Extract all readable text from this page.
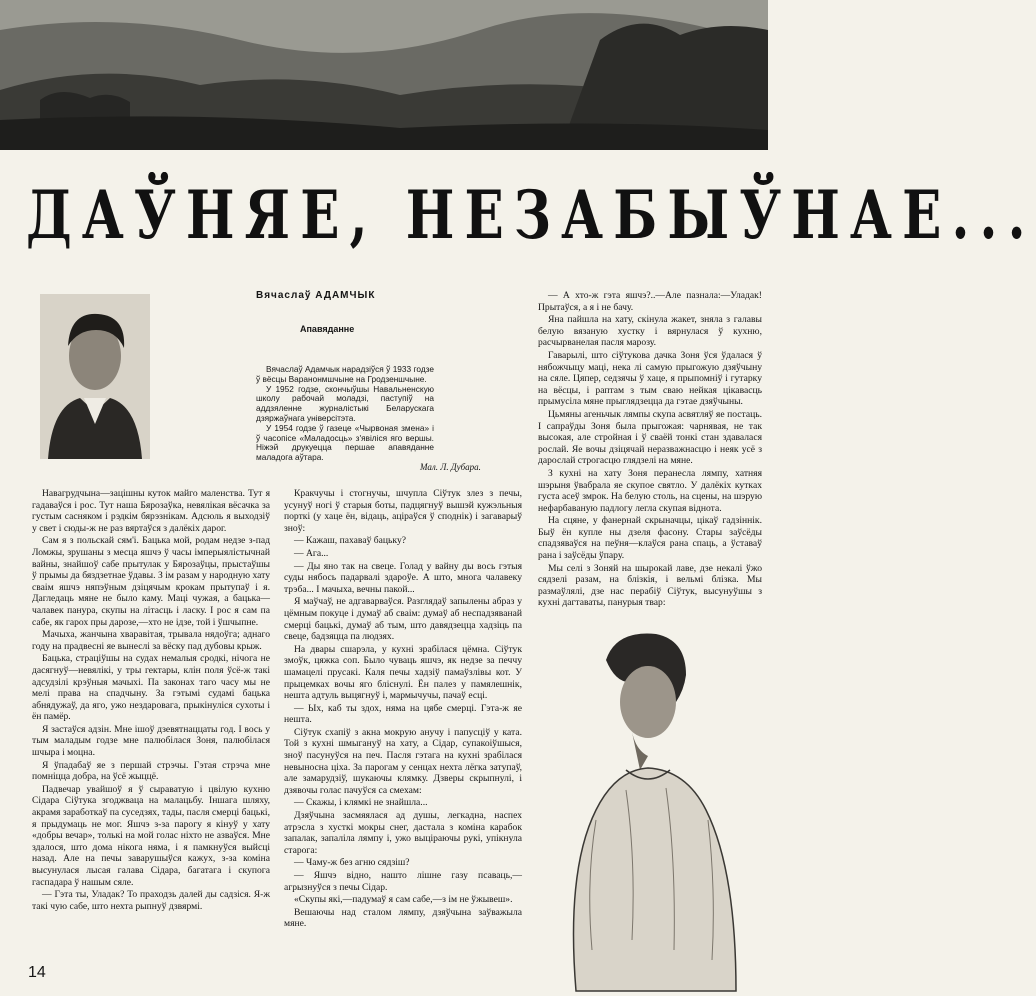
ДАЎНЯЕ, НЕЗАБЫЎНАЕ...
Вячаслаў АДАМЧЫК
Апавяданне

Вячаслаў Адамчык нарадзіўся ў 1933 годзе ў вёсцы Варанонмшчыне на Гродзеншчыне.

У 1952 годзе, скончыўшы Навальненскую школу рабочай моладзі, паступіў на аддзяленне журналістыкі Беларускага дзяржаўнага універсітэта.

У 1954 годзе ў газеце «Чырвоная змена» і ў часопісе «Маладосць» з'явіліся яго вершы. Ніжэй друкуецца першае апавяданне маладога аўтара.

Мал. Л. Дубара.

Навагрудчына—зацішны куток майго маленства. Тут я гадаваўся і рос. Тут наша Бярозаўка, невялікая вёсачка за густым сасняком і рэдкім бярэзнікам. Адсюль я выходзіў у свет і сюды-ж не раз вяртаўся з далёкіх дарог.

Сам я з польскай сям'і. Бацька мой, родам недзе з-пад Ломжы, зрушаны з месца яшчэ ў часы імперыялістычнай вайны, знайшоў сабе прытулак у Бярозаўцы, прыстаўшы ў прымы да бяздзетнае ўдавы. З ім разам у народную хату сваім яшчэ няпэўным дзіцячым крокам прытупаў і я. Дагледаць мяне не было каму. Маці чужая, а бацька—чалавек панура, скупы на літасць і ласку. І рос я сам па сабе, як гарох пры дарозе,—хто не ідзе, той і ўшчыпне.

Мачыха, жанчына хваравітая, трывала нядоўга; аднаго году на прадвесні яе вынеслі за вёску пад дубовы крыж.

Бацька, страціўшы на судах немалыя сродкі, нічога не дасягнуў—невялікі, у тры гектары, клін поля ўсё-ж такі адсудзілі крэўныя мачыхі. Па законах таго часу мы не мелі права на спадчыну. За гэтымі судамі бацька абнядужаў, да яго, ужо нездаровага, прыкінуліся сухоты і ён памёр.

Я застаўся адзін. Мне ішоў дзевятнаццаты год. І вось у тым маладым годзе мне палюбілася Зоня, палюбілася шчыра і моцна.

Я ўпадабаў яе з першай стрэчы. Гэтая стрэча мне помніцца добра, на ўсё жыццё.

Падвечар увайшоў я ў сыраватую і цвілую кухню Сідара Сіўтука згоджваца на малацьбу. Іншага шляху, акрамя заработкаў па суседзях, тады, пасля смерці бацькі, я прыдумаць не мог. Яшчэ з-за парогу я кінуў у хату «добры вечар», толькі на мой голас ніхто не азваўся. Мне здалося, што дома нікога няма, і я памкнуўся выйсці назад. Але на печы заварушыўся кажух, з-за коміна высунулася лысая галава Сідара, багатага і скупога гаспадара ў нашым сяле.

— Гэта ты, Уладак? То праходзь далей ды садзіся. Я-ж такі чую сабе, што нехта рыпнуў дзвярмі.

Кракчучы і стогнучы, шчупла Сіўтук злез з печы, усунуў ногі ў старыя боты, падцягнуў вышэй кужэльныя порткі (у хаце ён, відаць, аціраўся ў споднік) і загаварыў зноў:

— Кажаш, пахаваў бацьку?

— Ага...

— Ды яно так на свеце. Голад у вайну ды вось гэтыя суды нябось падарвалі здароўе. А што, многа чалавеку трэба... І мачыха, вечны пакой...

Я маўчаў, не адгаварваўся. Разглядаў запылены абраз у цёмным покуце і думаў аб сваім: думаў аб неспадзяванай смерці бацькі, думаў аб тым, што давядзецца хадзіць па свеце, бадзяцца па людзях.

На двары сшарэла, у кухні зрабілася цёмна. Сіўтук змоўк, цяжка соп. Было чуваць яшчэ, як недзе за печчу шамацелі прусакі. Каля печы хадзіў памаўзлівы кот. У прыцемках вочы яго бліснулі. Ён палез у памялешнік, нешта адтуль выцягнуў і, мармычучы, пачаў есці.

— Ых, каб ты здох, няма на цябе смерці. Гэта-ж яе нешта.

Сіўтук схапіў з акна мокрую анучу і папусціў у ката. Той з кухні шмыгануў на хату, а Сідар, супакоіўшыся, зноў пасунуўся на печ. Пасля гэтага на кухні зрабілася невыносна ціха. За парогам у сенцах нехта лёгка затупаў, але замарудзіў, шукаючы клямку. Дзверы скрыпнулі, і дзявочы голас пачуўся са смехам:

— Скажы, і клямкі не знайшла...

Дзяўчына засмяялася ад душы, легкадна, наспех атрэсла з хусткі мокры снег, дастала з коміна карабок запалак, запаліла лямпу і, ужо выціраючы рукі, упікнула старога:

— Чаму-ж без агню сядзіш?

— Яшчэ відно, нашто лішне газу псаваць,— агрызнуўся з печы Сідар.

«Скупы які,—падумаў я сам сабе,—з ім не ўжывеш».

Вешаючы над сталом лямпу, дзяўчына заўважыла мяне.

— А хто-ж гэта яшчэ?..—Але пазнала:—Уладак! Прытаўся, а я і не бачу.

Яна пайшла на хату, скінула жакет, зняла з галавы белую вязаную хустку і вярнулася ў кухню, расчырванелая пасля марозу.

Гаварылі, што сіўтукова дачка Зоня ўся ўдалася ў нябожчыцу маці, нека лі самую прыгожую дзяўчыну на сяле. Цяпер, седзячы ў хаце, я прыпомніў і гутарку на вёсцы, і раптам з тым сваю нейкая цікавасць прымусіла мяне прыглядзецца да гэтае дзяўчыны.

Цьмяны агеньчык лямпы скупа асвятляў яе постаць. І сапраўды Зоня была прыгожая: чарнявая, не так высокая, але стройная і ў сваёй тонкі стан здавалася рослай. Яе вочы дзіцячай неразважнасцю і неяк усё з дарослай строгасцю глядзелі на мяне.

З кухні на хату Зоня перанесла лямпу, хатняя шэрыня ўвабрала яе скупое святло. У далёкіх кутках густа асеў змрок. На белую столь, на сцены, на шэрую нефарбаваную падлогу легла скупая віднота.

На сцяне, у фанернай скрыначцы, цікаў гадзіннік. Быў ён купле ны дзеля фасону. Стары заўсёды спадзяваўся на пеўня—клаўся рана спаць, а ўставаў рана і заўсёды ўпару.

Мы селі з Зоняй на шырокай лаве, дзе некалі ўжо сядзелі разам, на блізкія, і вельмі блізка. Мы размаўлялі, дзе нас перабіў Сіўтук, высунуўшы з кухні дагтаваты, панурыя твар:

14
